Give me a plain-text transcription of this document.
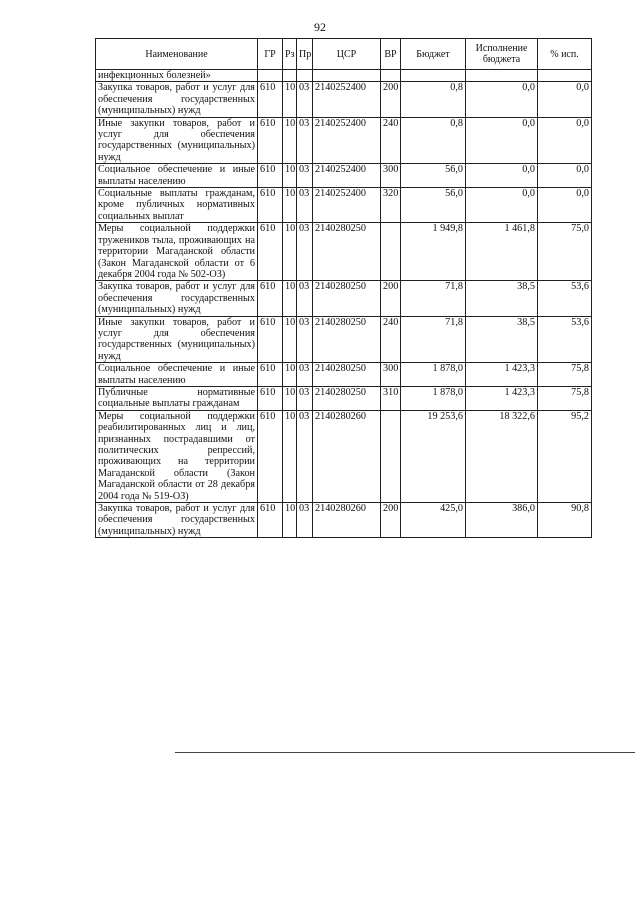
92
Наименование	ГР	Рз	Пр	ЦСР	ВР	Бюджет	Исполнение бюджета	% исп.
инфекционных болезней»								
Закупка товаров, работ и услуг для обеспечения государственных (муниципальных) нужд	610	10	03	2140252400	200	0,8	0,0	0,0
Иные закупки товаров, работ и услуг для обеспечения государственных (муниципальных) нужд	610	10	03	2140252400	240	0,8	0,0	0,0
Социальное обеспечение и иные выплаты населению	610	10	03	2140252400	300	56,0	0,0	0,0
Социальные выплаты гражданам, кроме публичных нормативных социальных выплат	610	10	03	2140252400	320	56,0	0,0	0,0
Меры социальной поддержки тружеников тыла, проживающих на территории Магаданской области (Закон Магаданской области от 6 декабря 2004 года № 502-ОЗ)	610	10	03	2140280250		1 949,8	1 461,8	75,0
Закупка товаров, работ и услуг для обеспечения государственных (муниципальных) нужд	610	10	03	2140280250	200	71,8	38,5	53,6
Иные закупки товаров, работ и услуг для обеспечения государственных (муниципальных) нужд	610	10	03	2140280250	240	71,8	38,5	53,6
Социальное обеспечение и иные выплаты населению	610	10	03	2140280250	300	1 878,0	1 423,3	75,8
Публичные нормативные социальные выплаты гражданам	610	10	03	2140280250	310	1 878,0	1 423,3	75,8
Меры социальной поддержки реабилитированных лиц и лиц, признанных пострадавшими от политических репрессий, проживающих на территории Магаданской области (Закон Магаданской области от 28 декабря 2004 года № 519-ОЗ)	610	10	03	2140280260		19 253,6	18 322,6	95,2
Закупка товаров, работ и услуг для обеспечения государственных (муниципальных) нужд	610	10	03	2140280260	200	425,0	386,0	90,8
